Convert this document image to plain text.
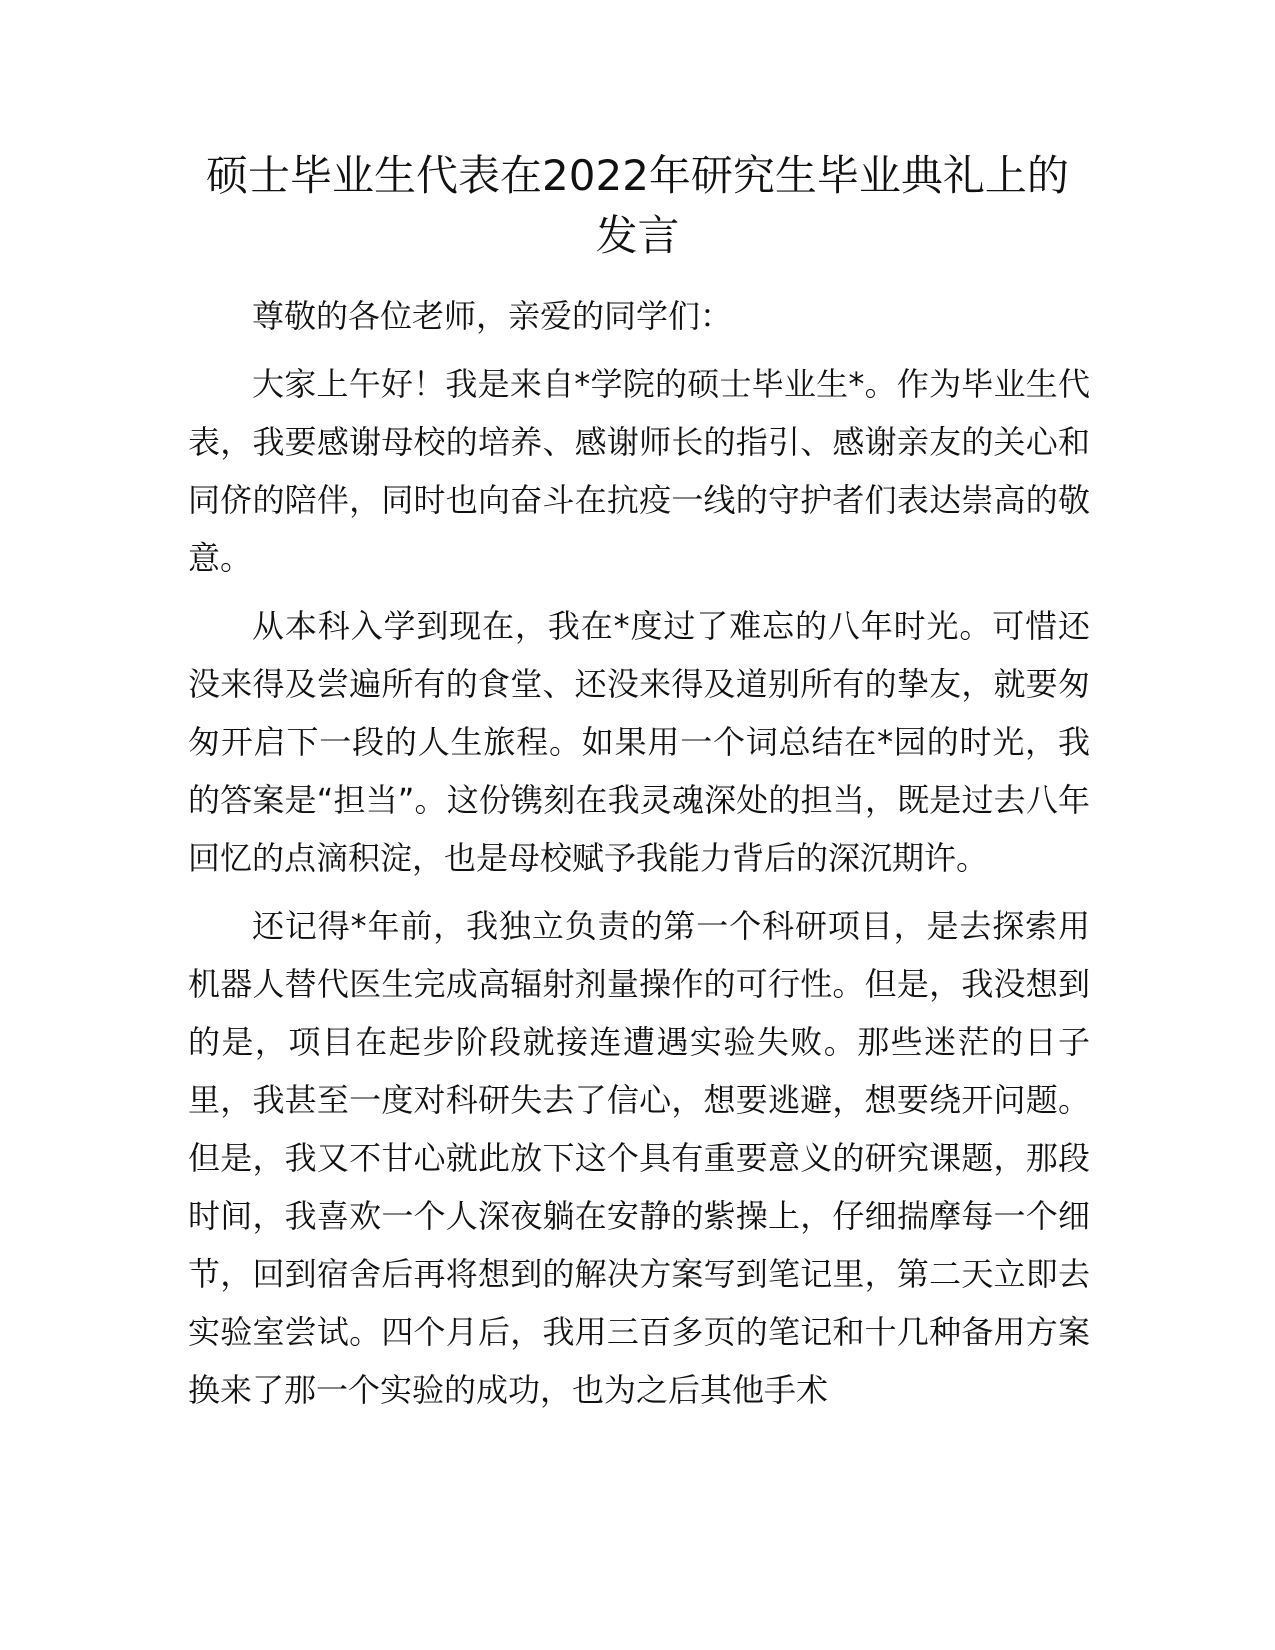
硕士毕业生代表在2022年研究生毕业典礼上的
发言

尊敬的各位老师，亲爱的同学们：

大家上午好！我是来自*学院的硕士毕业生*。作为毕业生代表，我要感谢母校的培养、感谢师长的指引、感谢亲友的关心和同侪的陪伴，同时也向奋斗在抗疫一线的守护者们表达崇高的敬意。

从本科入学到现在，我在*度过了难忘的八年时光。可惜还没来得及尝遍所有的食堂、还没来得及道别所有的挚友，就要匆匆开启下一段的人生旅程。如果用一个词总结在*园的时光，我的答案是“担当”。这份镌刻在我灵魂深处的担当，既是过去八年回忆的点滴积淀，也是母校赋予我能力背后的深沉期许。

还记得*年前，我独立负责的第一个科研项目，是去探索用机器人替代医生完成高辐射剂量操作的可行性。但是，我没想到的是，项目在起步阶段就接连遭遇实验失败。那些迷茫的日子里，我甚至一度对科研失去了信心，想要逃避，想要绕开问题。但是，我又不甘心就此放下这个具有重要意义的研究课题，那段时间，我喜欢一个人深夜躺在安静的紫操上，仔细揣摩每一个细节，回到宿舍后再将想到的解决方案写到笔记里，第二天立即去实验室尝试。四个月后，我用三百多页的笔记和十几种备用方案换来了那一个实验的成功，也为之后其他手术
